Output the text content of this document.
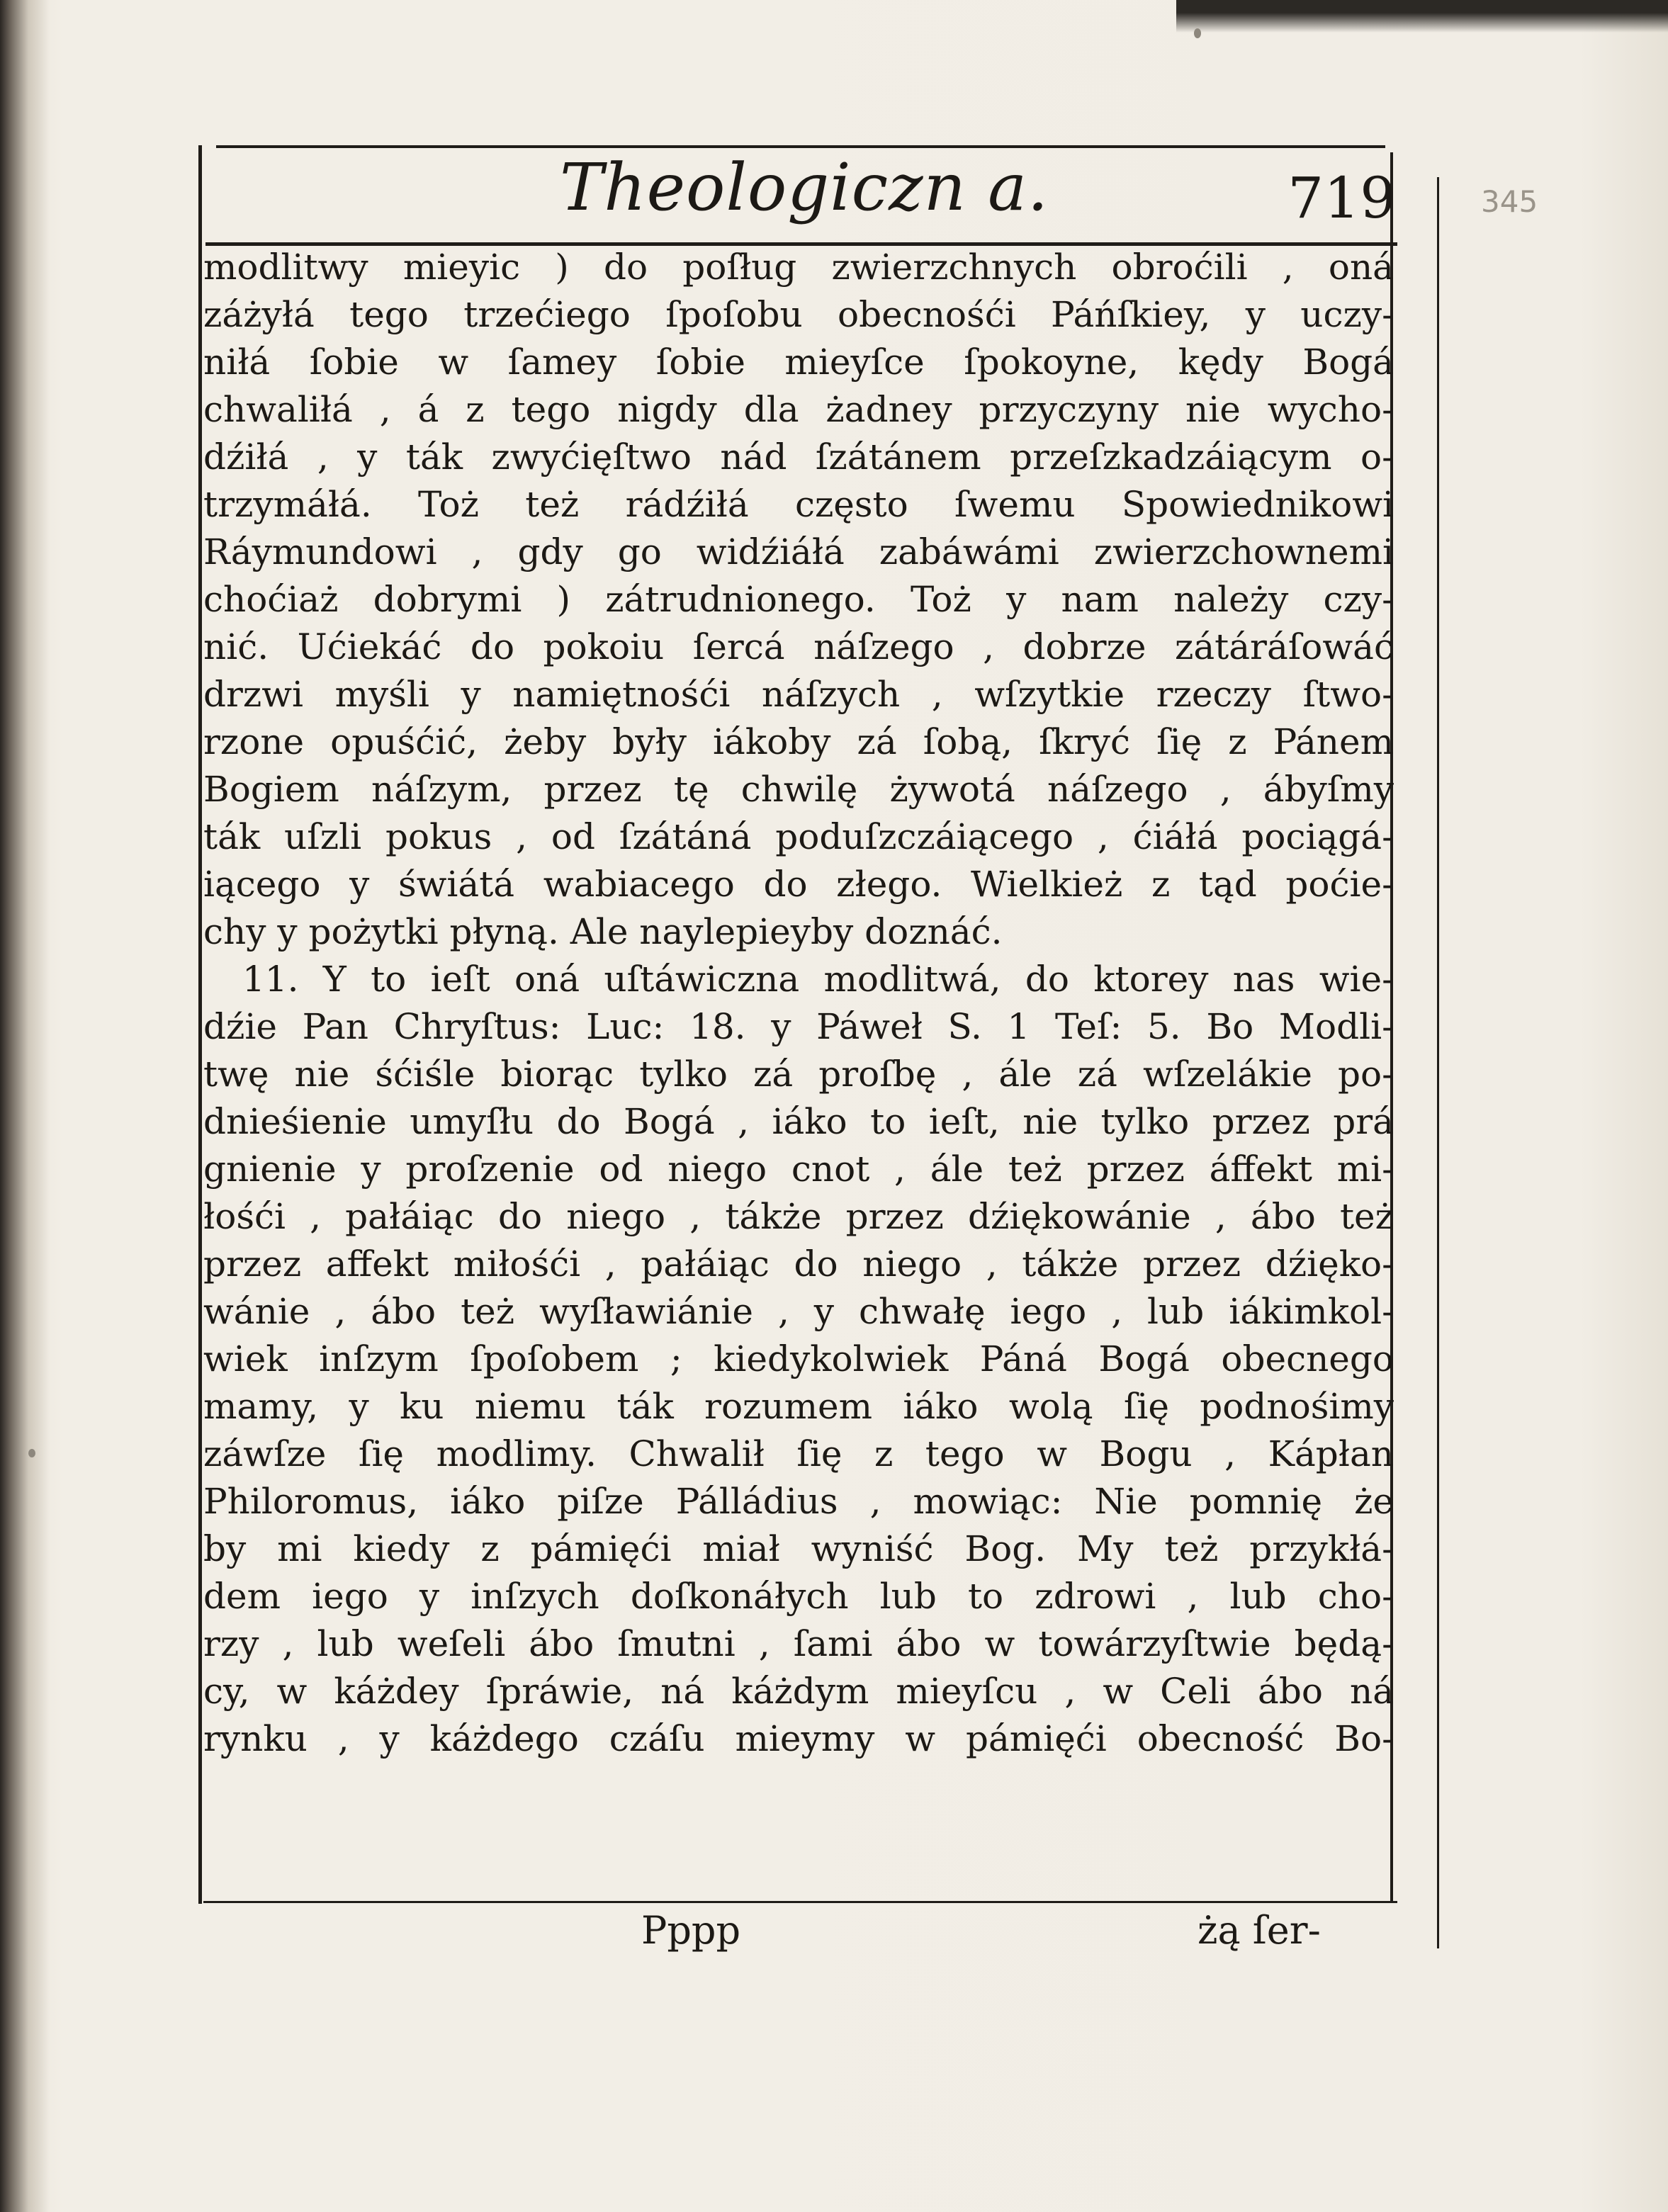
Theologiczn a.	719	345
modlitwy mieyic ) do poſług zwierzchnych obroćili , oná
záżyłá tego trzećiego ſpoſobu obecnośći Páńſkiey, y uczy-
niłá ſobie w ſamey ſobie mieyſce ſpokoyne, kędy Bogá
chwaliłá , á z tego nigdy dla żadney przyczyny nie wycho-
dźiłá , y ták zwyćięſtwo nád ſzátánem przeſzkadzáiącym o-
trzymáłá. Toż też rádźiłá często ſwemu Spowiednikowi
Ráymundowi , gdy go widźiáłá zabáwámi zwierzchownemi
choćiaż dobrymi ) zátrudnionego. Toż y nam należy czy-
nić. Ućiekáć do pokoiu ſercá náſzego , dobrze zátáráſowáć
drzwi myśli y namiętnośći náſzych , wſzytkie rzeczy ſtwo-
rzone opuśćić, żeby były iákoby zá ſobą, ſkryć ſię z Pánem
Bogiem náſzym, przez tę chwilę żywotá náſzego , ábyſmy
ták uſzli pokus , od ſzátáná poduſzczáiącego , ćiáłá pociągá-
iącego y świátá wabiacego do złego. Wielkież z tąd poćie-
chy y pożytki płyną. Ale naylepieyby doznáć.
11. Y to ieſt oná uſtáwiczna modlitwá, do ktorey nas wie-
dźie Pan Chryſtus: Luc: 18. y Páweł S. 1 Teſ: 5. Bo Modli-
twę nie śćiśle biorąc tylko zá proſbę , ále zá wſzelákie po-
dnieśienie umyſłu do Bogá , iáko to ieſt, nie tylko przez prá
gnienie y proſzenie od niego cnot , ále też przez áffekt mi-
łośći , pałáiąc do niego , tákże przez dźiękowánie , ábo też
przez affekt miłośći , pałáiąc do niego , tákże przez dźięko-
wánie , ábo też wyſławiánie , y chwałę iego , lub iákimkol-
wiek inſzym ſpoſobem ; kiedykolwiek Páná Bogá obecnego
mamy, y ku niemu ták rozumem iáko wolą ſię podnośimy
záwſze ſię modlimy. Chwalił ſię z tego w Bogu , Kápłan
Philoromus, iáko piſze Pálládius , mowiąc: Nie pomnię że
by mi kiedy z pámięći miał wyniść Bog. My też przykłá-
dem iego y inſzych doſkonáłych lub to zdrowi , lub cho-
rzy , lub weſeli ábo ſmutni , ſami ábo w towárzyſtwie będą-
cy, w káżdey ſpráwie, ná káżdym mieyſcu , w Celi ábo ná
rynku , y káżdego czáſu mieymy w pámięći obecność Bo-
Pppp	żą ſer-
